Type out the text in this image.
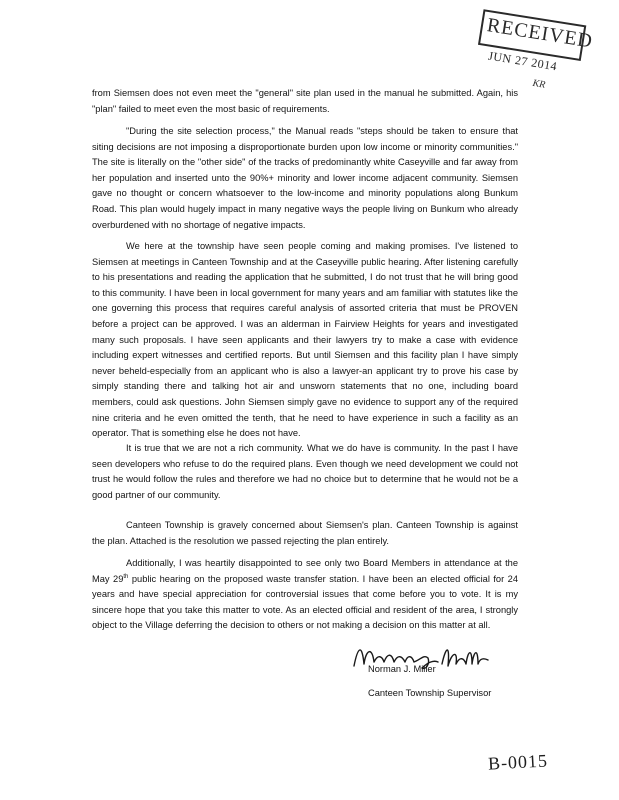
RECEIVED
JUN 27 2014
KR

from Siemsen does not even meet the "general" site plan used in the manual he submitted. Again, his "plan" failed to meet even the most basic of requirements.

"During the site selection process," the Manual reads "steps should be taken to ensure that siting decisions are not imposing a disproportionate burden upon low income or minority communities." The site is literally on the "other side" of the tracks of predominantly white Caseyville and far away from her population and inserted unto the 90%+ minority and lower income adjacent community. Siemsen gave no thought or concern whatsoever to the low-income and minority populations along Bunkum Road. This plan would hugely impact in many negative ways the people living on Bunkum who already overburdened with no shortage of negative impacts.

We here at the township have seen people coming and making promises. I've listened to Siemsen at meetings in Canteen Township and at the Caseyville public hearing. After listening carefully to his presentations and reading the application that he submitted, I do not trust that he will bring good to this community. I have been in local government for many years and am familiar with statutes like the one governing this process that requires careful analysis of assorted criteria that must be PROVEN before a project can be approved. I was an alderman in Fairview Heights for years and investigated many such proposals. I have seen applicants and their lawyers try to make a case with evidence including expert witnesses and certified reports. But until Siemsen and this facility plan I have simply never beheld-especially from an applicant who is also a lawyer-an applicant try to prove his case by simply standing there and talking hot air and unsworn statements that no one, including board members, could ask questions. John Siemsen simply gave no evidence to support any of the required nine criteria and he even omitted the tenth, that he need to have experience in such a facility as an operator. That is something else he does not have.

It is true that we are not a rich community. What we do have is community. In the past I have seen developers who refuse to do the required plans. Even though we need development we could not trust he would follow the rules and therefore we had no choice but to determine that he would not be a good partner of our community.

Canteen Township is gravely concerned about Siemsen's plan. Canteen Township is against the plan. Attached is the resolution we passed rejecting the plan entirely.

Additionally, I was heartily disappointed to see only two Board Members in attendance at the May 29th public hearing on the proposed waste transfer station. I have been an elected official for 24 years and have special appreciation for controversial issues that come before you to vote. It is my sincere hope that you take this matter to vote. As an elected official and resident of the area, I strongly object to the Village deferring the decision to others or not making a decision on this matter at all.

Norman J. Miller

Canteen Township Supervisor

B-0015
